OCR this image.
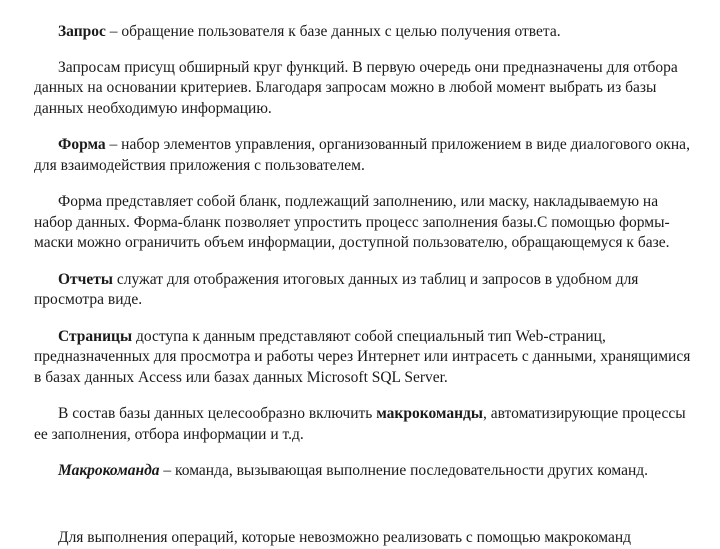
Запрос – обращение пользователя к базе данных с целью получения ответа.

Запросам присущ обширный круг функций. В первую очередь они предназначены для отбора данных на основании критериев. Благодаря запросам можно в любой момент выбрать из базы данных необходимую информацию.

Форма – набор элементов управления, организованный приложением в виде диалогового окна, для взаимодействия приложения с пользователем.

Форма представляет собой бланк, подлежащий заполнению, или маску, накладываемую на набор данных. Форма-бланк позволяет упростить процесс заполнения базы.С помощью формы-маски можно ограничить объем информации, доступной пользователю, обращающемуся к базе.

Отчеты служат для отображения итоговых данных из таблиц и запросов в удобном для просмотра виде.

Страницы доступа к данным представляют собой специальный тип Web-страниц, предназначенных для просмотра и работы через Интернет или интрасеть с данными, хранящимися в базах данных Access или базах данных Microsoft SQL Server.

В состав базы данных целесообразно включить макрокоманды, автоматизирующие процессы ее заполнения, отбора информации и т.д.

Макрокоманда – команда, вызывающая выполнение последовательности других команд.

Для выполнения операций, которые невозможно реализовать с помощью макрокоманд
